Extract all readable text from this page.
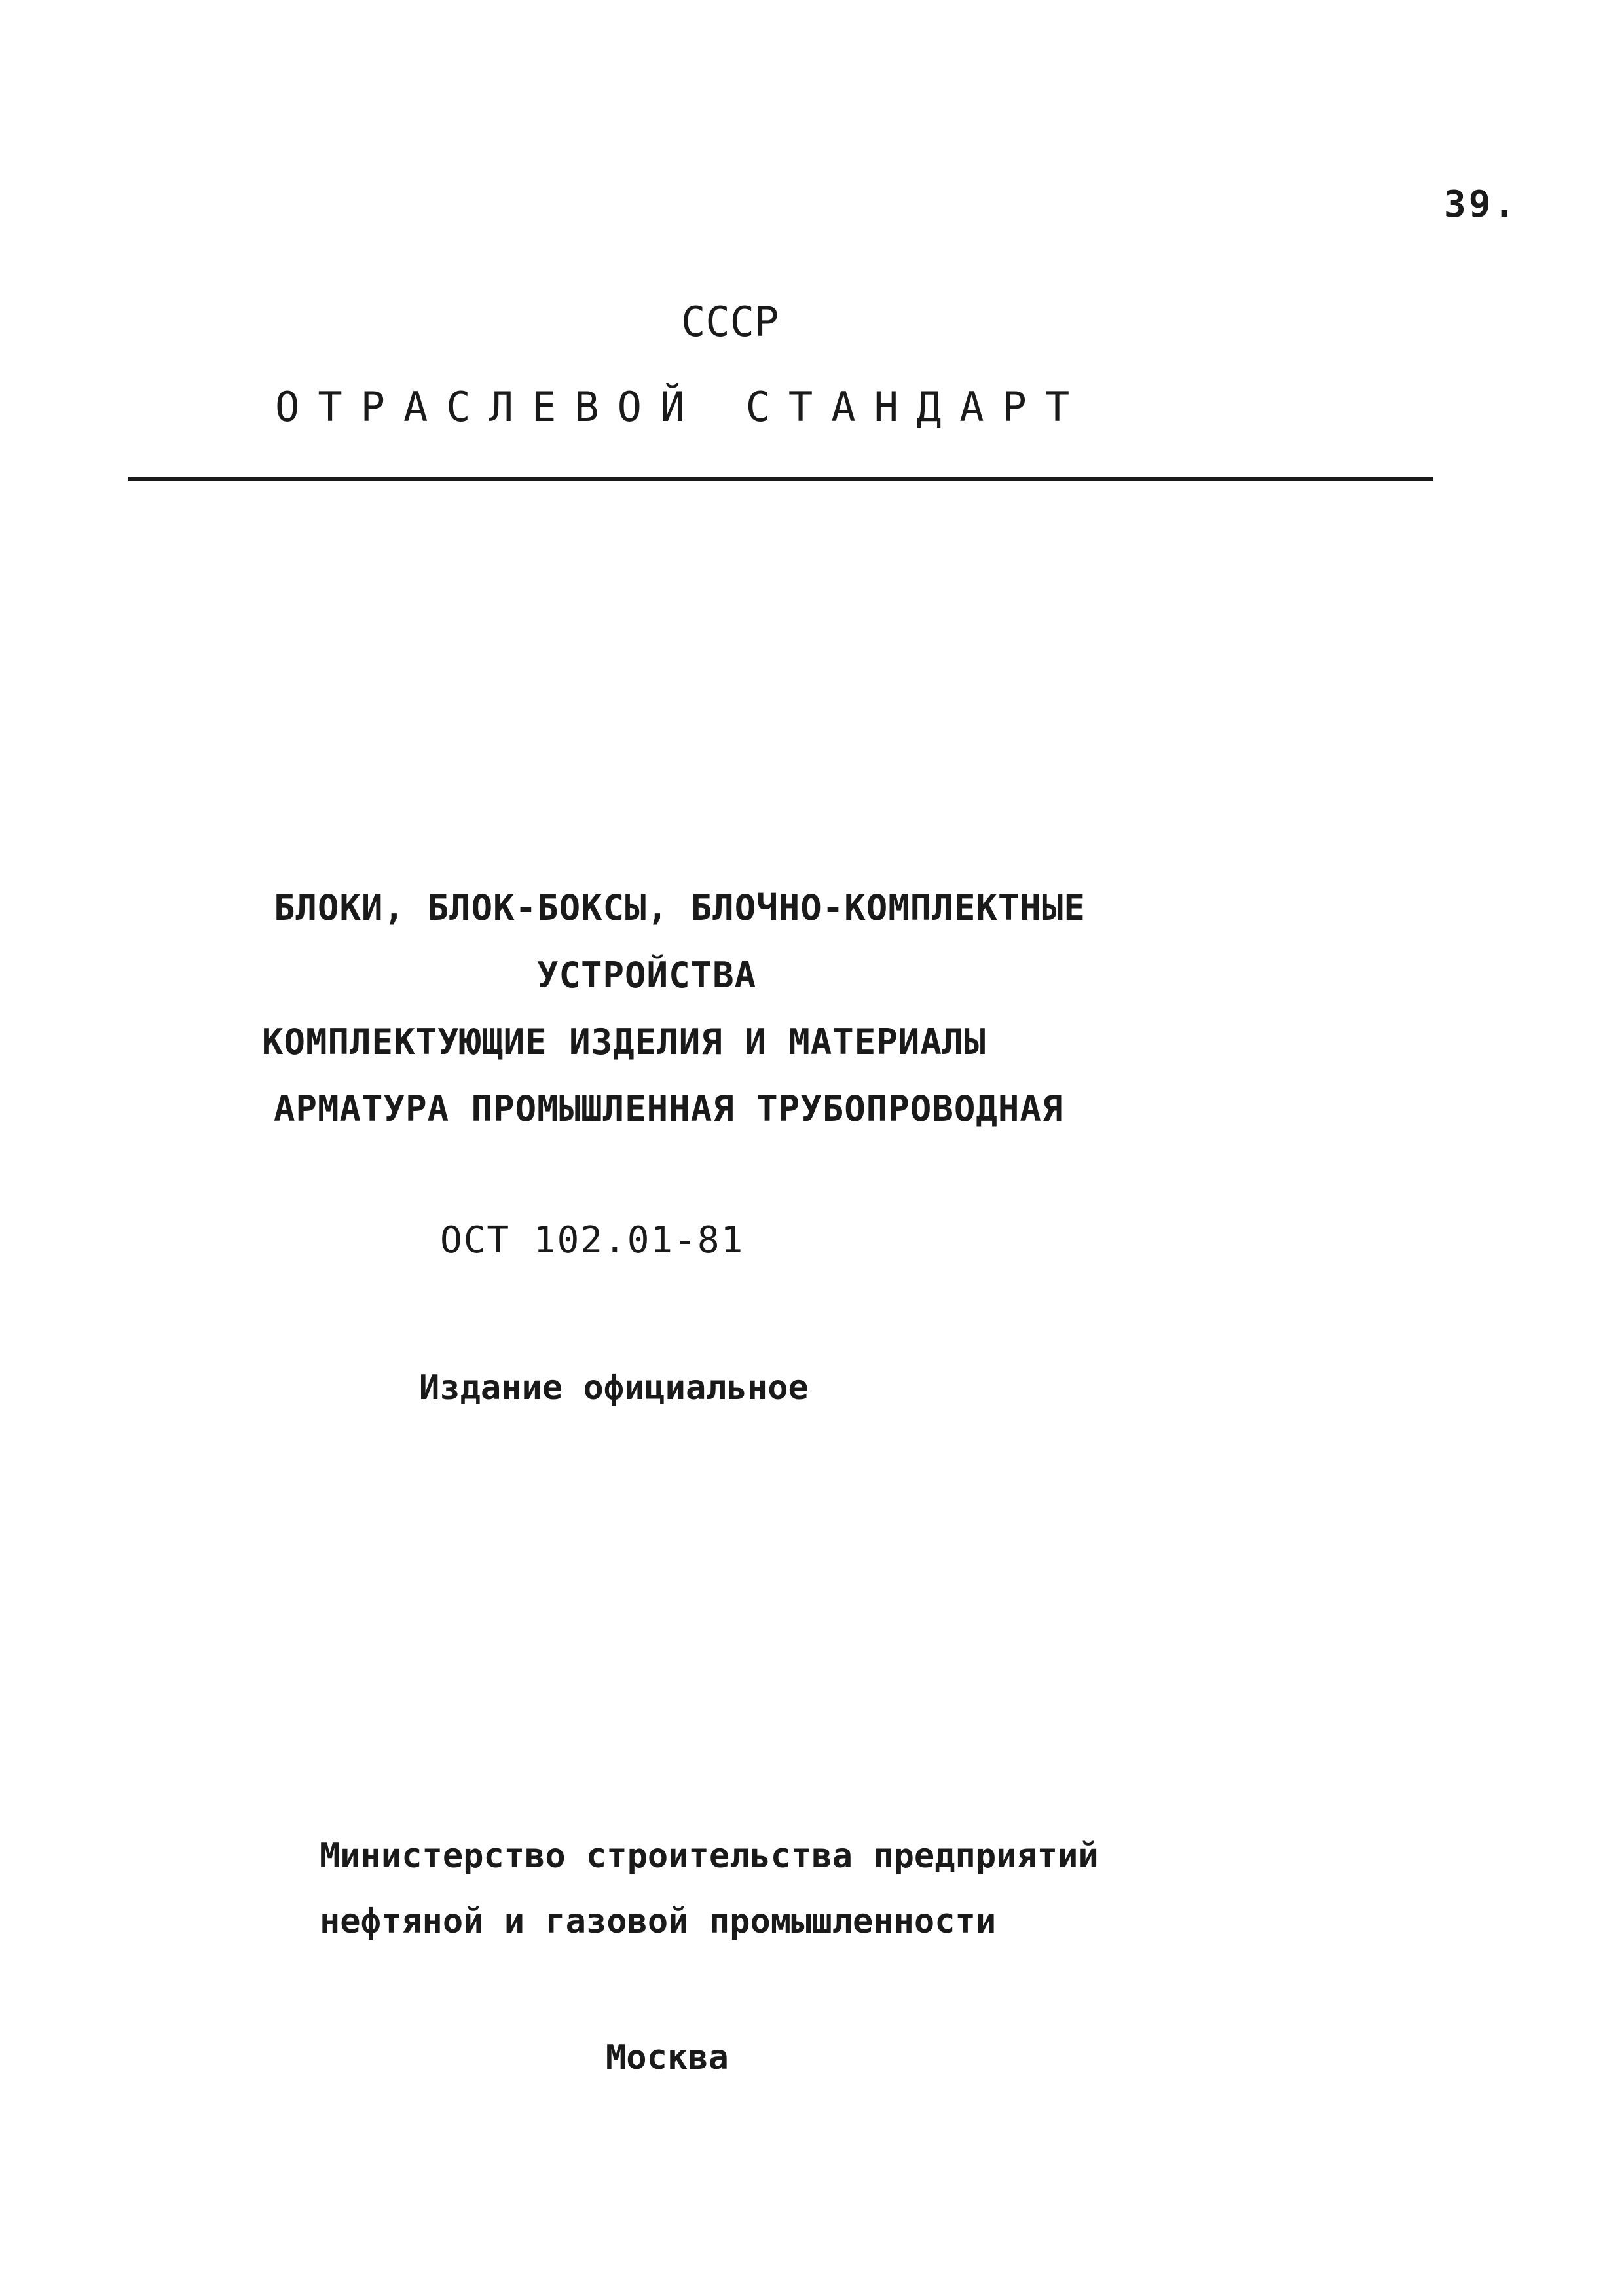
39.
СССР
ОТРАСЛЕВОЙ СТАНДАРТ
БЛОКИ, БЛОК-БОКСЫ, БЛОЧНО-КОМПЛЕКТНЫЕ
УСТРОЙСТВА
КОМПЛЕКТУЮЩИЕ ИЗДЕЛИЯ И МАТЕРИАЛЫ
АРМАТУРА ПРОМЫШЛЕННАЯ ТРУБОПРОВОДНАЯ
ОСТ 102.01-81
Издание официальное
Министерство строительства предприятий
нефтяной и газовой промышленности
Москва
